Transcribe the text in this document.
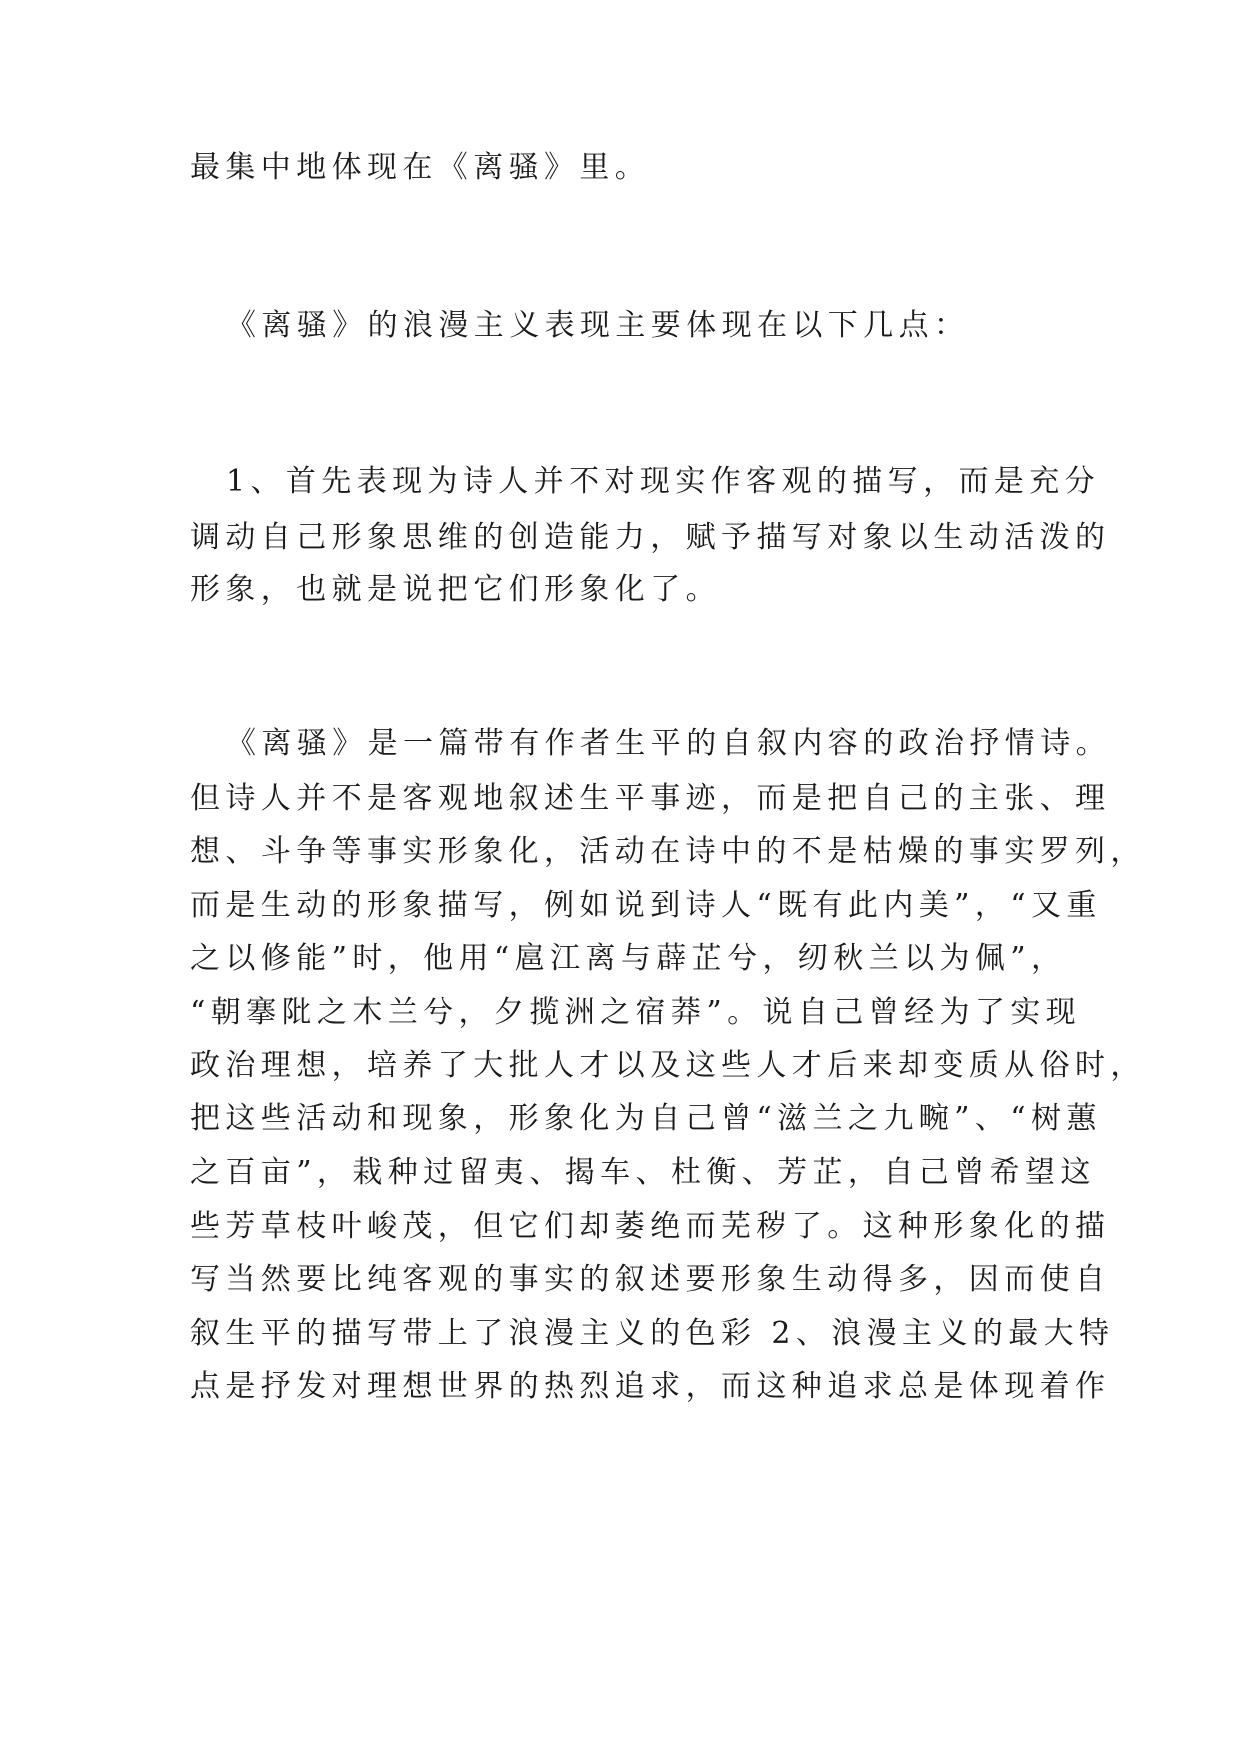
最集中地体现在《离骚》里。
《离骚》的浪漫主义表现主要体现在以下几点：
1、首先表现为诗人并不对现实作客观的描写，而是充分
调动自己形象思维的创造能力，赋予描写对象以生动活泼的
形象，也就是说把它们形象化了。
《离骚》是一篇带有作者生平的自叙内容的政治抒情诗。
但诗人并不是客观地叙述生平事迹，而是把自己的主张、理
想、斗争等事实形象化，活动在诗中的不是枯燥的事实罗列，
而是生动的形象描写，例如说到诗人“既有此内美”，“又重
之以修能”时，他用“扈江离与薜芷兮，纫秋兰以为佩”，
“朝搴阰之木兰兮，夕揽洲之宿莽”。说自己曾经为了实现
政治理想，培养了大批人才以及这些人才后来却变质从俗时，
把这些活动和现象，形象化为自己曾“滋兰之九畹”、“树蕙
之百亩”，栽种过留夷、揭车、杜衡、芳芷，自己曾希望这
些芳草枝叶峻茂，但它们却萎绝而芜秽了。这种形象化的描
写当然要比纯客观的事实的叙述要形象生动得多，因而使自
叙生平的描写带上了浪漫主义的色彩 2、浪漫主义的最大特
点是抒发对理想世界的热烈追求，而这种追求总是体现着作
